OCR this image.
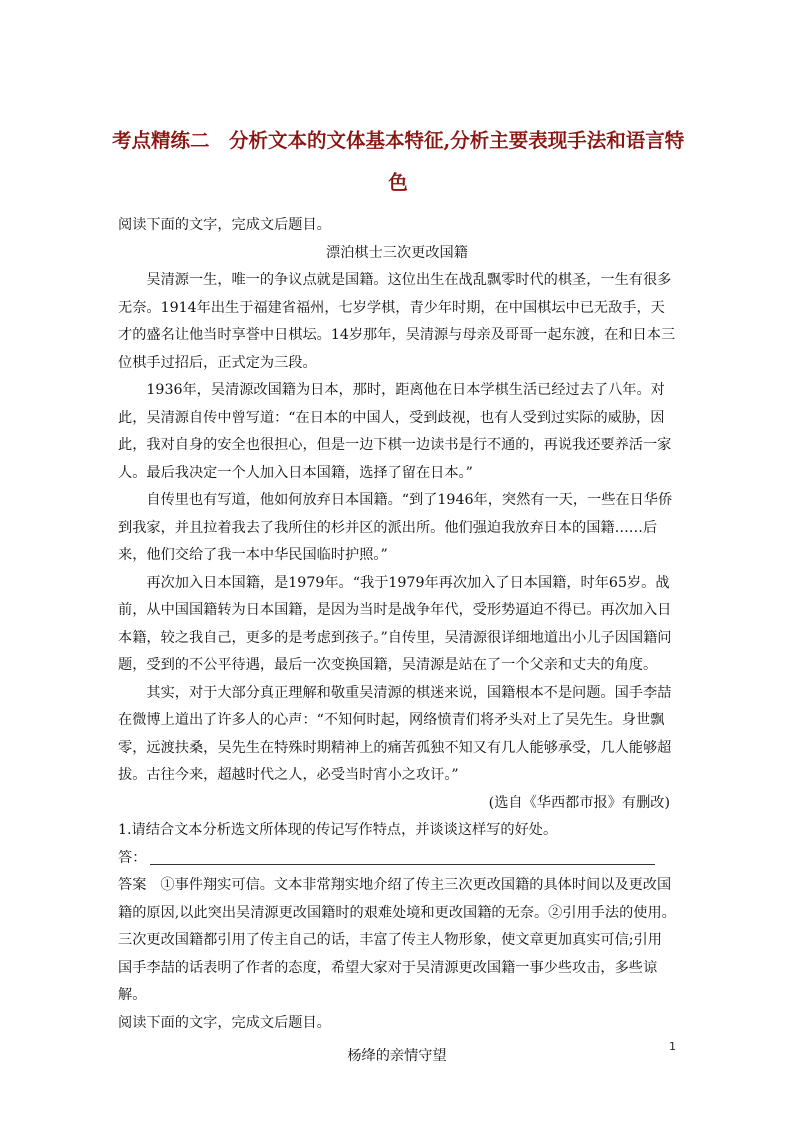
考点精练二　分析文本的文体基本特征,分析主要表现手法和语言特
色

阅读下面的文字，完成文后题目。

漂泊棋士三次更改国籍

吴清源一生，唯一的争议点就是国籍。这位出生在战乱飘零时代的棋圣，一生有很多无奈。1914年出生于福建省福州，七岁学棋，青少年时期，在中国棋坛中已无敌手，天才的盛名让他当时享誉中日棋坛。14岁那年，吴清源与母亲及哥哥一起东渡，在和日本三位棋手过招后，正式定为三段。

1936年，吴清源改国籍为日本，那时，距离他在日本学棋生活已经过去了八年。对此，吴清源自传中曾写道：“在日本的中国人，受到歧视，也有人受到过实际的威胁，因此，我对自身的安全也很担心，但是一边下棋一边读书是行不通的，再说我还要养活一家人。最后我决定一个人加入日本国籍，选择了留在日本。”

自传里也有写道，他如何放弃日本国籍。“到了1946年，突然有一天，一些在日华侨到我家，并且拉着我去了我所住的杉并区的派出所。他们强迫我放弃日本的国籍……后来，他们交给了我一本中华民国临时护照。”

再次加入日本国籍，是1979年。“我于1979年再次加入了日本国籍，时年65岁。战前，从中国国籍转为日本国籍，是因为当时是战争年代，受形势逼迫不得已。再次加入日本籍，较之我自己，更多的是考虑到孩子。”自传里，吴清源很详细地道出小儿子因国籍问题，受到的不公平待遇，最后一次变换国籍，吴清源是站在了一个父亲和丈夫的角度。

其实，对于大部分真正理解和敬重吴清源的棋迷来说，国籍根本不是问题。国手李喆在微博上道出了许多人的心声：“不知何时起，网络愤青们将矛头对上了吴先生。身世飘零，远渡扶桑，吴先生在特殊时期精神上的痛苦孤独不知又有几人能够承受，几人能够超拔。古往今来，超越时代之人，必受当时宵小之攻讦。”

(选自《华西都市报》有删改)

1.请结合文本分析选文所体现的传记写作特点，并谈谈这样写的好处。

答：

答案 ①事件翔实可信。文本非常翔实地介绍了传主三次更改国籍的具体时间以及更改国籍的原因,以此突出吴清源更改国籍时的艰难处境和更改国籍的无奈。②引用手法的使用。三次更改国籍都引用了传主自己的话，丰富了传主人物形象，使文章更加真实可信;引用国手李喆的话表明了作者的态度，希望大家对于吴清源更改国籍一事少些攻击，多些谅解。

阅读下面的文字，完成文后题目。

杨绛的亲情守望

1
